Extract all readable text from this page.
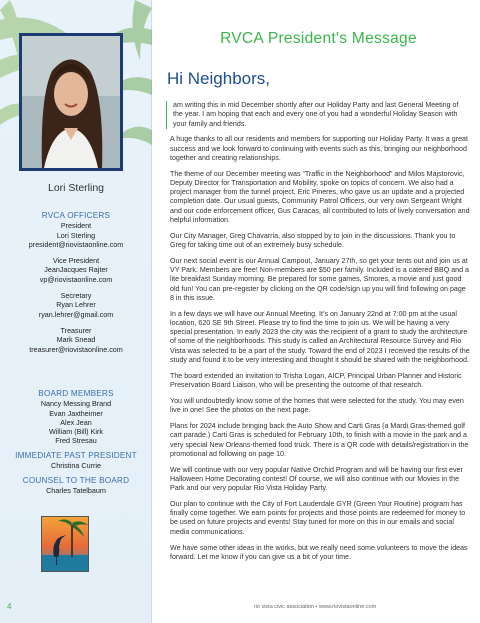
Lori Sterling
RVCA OFFICERS
President
Lori Sterling
president@riovistaonline.com
Vice President
JeanJacques Rajter
vp@riovistaonline.com
Secretary
Ryan Lehrer
ryan.lehrer@gmail.com
Treasurer
Mark Snead
treasurer@riovistaonline.com
BOARD MEMBERS
Nancy Messing Brand
Evan Jaxtheimer
Alex Jean
William (Bill) Kirk
Fred Stresau
IMMEDIATE PAST PRESIDENT
Christina Currie
COUNSEL TO THE BOARD
Charles Tatelbaum
RVCA President's Message
Hi Neighbors,

am writing this in mid December shortly after our Holiday Party and last General Meeting of the year. I am hoping that each and every one of you had a wonderful Holiday Season with your family and friends.

A huge thanks to all our residents and members for supporting our Holiday Party. It was a great success and we look forward to continuing with events such as this, bringing our neighborhood together and creating relationships.

The theme of our December meeting was “Traffic in the Neighborhood” and Milos Majstorovic, Deputy Director for Transportation and Mobility, spoke on topics of concern. We also had a project manager from the tunnel project, Eric Pineres, who gave us an update and a projected completion date. Our usual guests, Community Patrol Officers, our very own Sergeant Wright and our code enforcement officer, Gus Caracas, all contributed to lots of lively conversation and helpful information.

Our City Manager, Greg Chavarria, also stopped by to join in the discussions. Thank you to Greg for taking time out of an extremely busy schedule.

Our next social event is our Annual Campout, January 27th, so get your tents out and join us at VY Park. Members are free! Non-members are $50 per family. Included is a catered BBQ and a lite breakfast Sunday morning. Be prepared for some games, Smores, a movie and just good old fun! You can pre-register by clicking on the QR code/sign up you will find following on page 8 in this issue.

In a few days we will have our Annual Meeting. It’s on January 22nd at 7:00 pm at the usual location, 620 SE 9th Street. Please try to find the time to join us. We will be having a very special presentation. In early 2023 the city was the recipient of a grant to study the architecture of some of the neighborhoods. This study is called an Architectural Resource Survey and Rio Vista was selected to be a part of the study. Toward the end of 2023 I received the results of the study and found it to be very interesting and thought it should be shared with the neighborhood.

The board extended an invitation to Trisha Logan, AICP, Principal Urban Planner and Historic Preservation Board Liaison, who will be presenting the outcome of that research.

You will undoubtedly know some of the homes that were selected for the study. You may even live in one! See the photos on the next page.

Plans for 2024 include bringing back the Auto Show and Carti Gras (a Mardi Gras-themed golf cart parade.) Carti Gras is scheduled for February 10th, to finish with a movie in the park and a very special New Orleans-themed food truck. There is a QR code with details/registration in the promotional ad following on page 10.

We will continue with our very popular Native Orchid Program and will be having our first ever Halloween Home Decorating contest! Of course, we will also continue with our Movies in the Park and our very popular Rio Vista Holiday Party.

Our plan to continue with the City of Fort Lauderdale GYR (Green Your Routine) program has finally come together. We earn points for projects and those points are redeemed for money to be used on future projects and events! Stay tuned for more on this in our emails and social media communications.

We have some other ideas in the works, but we really need some volunteers to move the ideas forward. Let me know if you can give us a bit of your time.

4	rio vista civic association • www.riovistaonline.com
